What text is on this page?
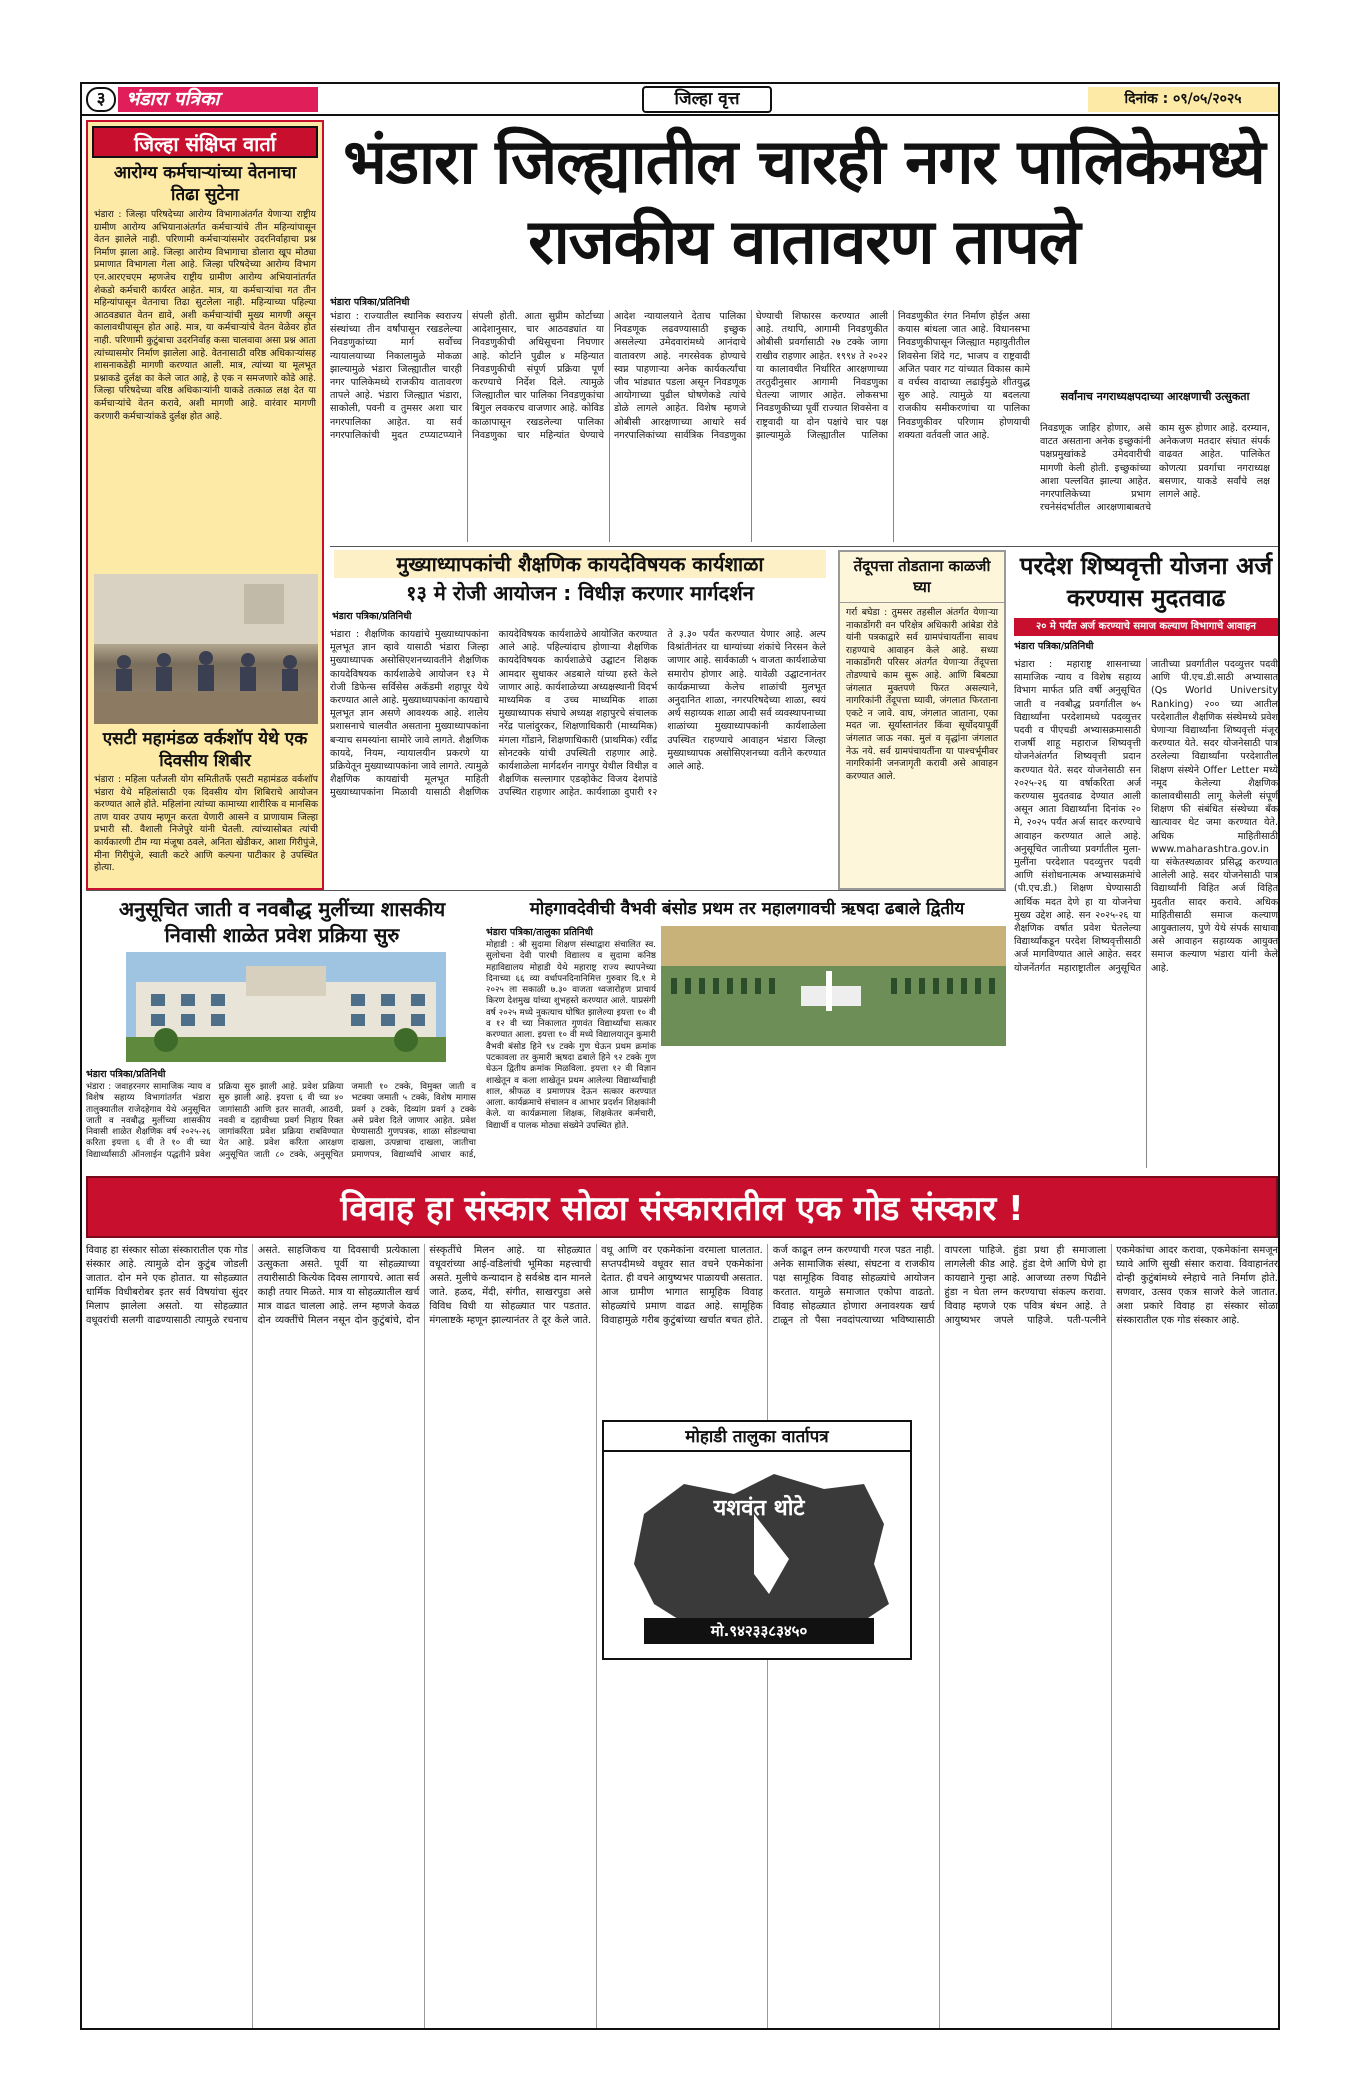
३	भंडारा पत्रिका	जिल्हा वृत्त	दिनांक : ०९/०५/२०२५
जिल्हा संक्षिप्त वार्ता
आरोग्य कर्मचाऱ्यांच्या वेतनाचा तिढा सुटेना
भंडारा : जिल्हा परिषदेच्या आरोग्य विभागाअंतर्गत येणाऱ्या राष्ट्रीय ग्रामीण आरोग्य अभियानाअंतर्गत कर्मचाऱ्यांचे तीन महिन्यांपासून वेतन झालेले नाही. परिणामी कर्मचाऱ्यांसमोर उदरनिर्वाहाचा प्रश्न निर्माण झाला आहे. जिल्हा आरोग्य विभागाचा डोलारा खूप मोठ्या प्रमाणात विभागला गेला आहे. जिल्हा परिषदेच्या आरोग्य विभाग एन.आरएचएम म्हणजेच राष्ट्रीय ग्रामीण आरोग्य अभियानांतर्गत शेकडो कर्मचारी कार्यरत आहेत. मात्र, या कर्मचाऱ्यांचा गत तीन महिन्यांपासून वेतनाचा तिढा सुटलेला नाही. महिन्याच्या पहिल्या आठवड्यात वेतन द्यावे, अशी कर्मचाऱ्यांची मुख्य मागणी असून कालावधीपासून होत आहे. मात्र, या कर्मचाऱ्यांचे वेतन वेळेवर होत नाही. परिणामी कुटुंबाचा उदरनिर्वाह कसा चालवावा असा प्रश्न आता त्यांच्यासमोर निर्माण झालेला आहे. वेतनासाठी वरिष्ठ अधिकाऱ्यांसह शासनाकडेही मागणी करण्यात आली. मात्र, त्यांच्या या मूलभूत प्रश्नाकडे दुर्लक्ष का केले जात आहे, हे एक न समजणारे कोडे आहे. जिल्हा परिषदेच्या वरिष्ठ अधिकाऱ्यांनी याकडे तत्काळ लक्ष देत या कर्मचाऱ्यांचे वेतन करावे, अशी मागणी आहे. वारंवार मागणी करणारी कर्मचाऱ्यांकडे दुर्लक्ष होत आहे.
एसटी महामंडळ वर्कशॉप येथे एक दिवसीय शिबीर
भंडारा : महिला पर्तंजली योग समितीतर्फे एसटी महामंडळ वर्कशॉप भंडारा येथे महिलांसाठी एक दिवसीय योग शिबिराचे आयोजन करण्यात आले होते. महिलांना त्यांच्या कामाच्या शारीरिक व मानसिक ताण यावर उपाय म्हणून करता येणारी आसने व प्राणायाम जिल्हा प्रभारी सौ. वैशाली निजेपुरे यांनी घेतली. त्यांच्यासोबत त्यांची कार्यकारणी टीम ग्या मंजूषा ठवले, अनिता खेडीकर, आशा गिरीपुंजे, मीना गिरीपुंजे, स्वाती कटरे आणि कल्पना पाटीकार हे उपस्थित होत्या.
भंडारा जिल्ह्यातील चारही नगर पालिकेमध्ये राजकीय वातावरण तापले
भंडारा पत्रिका/प्रतिनिधी
भंडारा : राज्यातील स्थानिक स्वराज्य संस्थांच्या तीन वर्षांपासून रखडलेल्या निवडणुकांच्या मार्ग सर्वोच्च न्यायालयाच्या निकालामुळे मोकळा झाल्यामुळे भंडारा जिल्ह्यातील चारही नगर पालिकेमध्ये राजकीय वातावरण तापले आहे. भंडारा जिल्ह्यात भंडारा, साकोली, पवनी व तुमसर अशा चार नगरपालिका आहेत. या सर्व नगरपालिकांची मुदत टप्प्याटप्प्याने संपली होती. आता सुप्रीम कोर्टाच्या आदेशानुसार, चार आठवड्यांत या निवडणुकीची अधिसूचना निघणार आहे. कोर्टाने पुढील ४ महिन्यात निवडणुकीची संपूर्ण प्रक्रिया पूर्ण करण्याचे निर्देश दिले. त्यामुळे जिल्ह्यातील चार पालिका निवडणुकांचा बिगुल लवकरच वाजणार आहे. कोविड काळापासून रखडलेल्या पालिका निवडणुका चार महिन्यांत घेण्याचे आदेश न्यायालयाने देताच पालिका निवडणूक लढवण्यासाठी इच्छुक असलेल्या उमेदवारांमध्ये आनंदाचे वातावरण आहे. नगरसेवक होण्याचे स्वप्न पाहणाऱ्या अनेक कार्यकर्त्यांचा जीव भांड्यात पडला असून निवडणूक आयोगाच्या पुढील घोषणेकडे त्यांचे डोळे लागले आहेत. विशेष म्हणजे ओबीसी आरक्षणाच्या आधारे सर्व नगरपालिकांच्या सार्वत्रिक निवडणुका घेण्याची शिफारस करण्यात आली आहे. तथापि, आगामी निवडणुकीत ओबीसी प्रवर्गासाठी २७ टक्के जागा राखीव राहणार आहेत. १९९४ ते २०२२ या कालावधीत निर्धारित आरक्षणाच्या तरतुदीनुसार आगामी निवडणुका घेतल्या जाणार आहेत. लोकसभा निवडणुकीच्या पूर्वी राज्यात शिवसेना व राष्ट्रवादी या दोन पक्षांचे चार पक्ष झाल्यामुळे जिल्ह्यातील पालिका निवडणुकीत रंगत निर्माण होईल असा कयास बांधला जात आहे. विधानसभा निवडणुकीपासून जिल्ह्यात महायुतीतील शिवसेना शिंदे गट, भाजप व राष्ट्रवादी अजित पवार गट यांच्यात विकास कामे व वर्चस्व वादाच्या लढाईमुळे शीतयुद्ध सुरु आहे. त्यामुळे या बदलत्या राजकीय समीकरणांचा या पालिका निवडणुकीवर परिणाम होणयाची शक्यता वर्तवली जात आहे.
सर्वांनाच नगराध्यक्षपदाच्या आरक्षणाची उत्सुकता
निवडणूक जाहिर होणार, असे वाटत असताना अनेक इच्छुकांनी पक्षप्रमुखांकडे उमेदवारीची मागणी केली होती. इच्छुकांच्या आशा पल्लवित झाल्या आहेत. नगरपालिकेच्या प्रभाग रचनेसंदर्भातील आरक्षणाबाबतचे काम सुरू होणार आहे. दरम्यान, अनेकजण मतदार संघात संपर्क वाढवत आहेत. पालिकेत कोणत्या प्रवर्गाचा नगराध्यक्ष बसणार, याकडे सर्वांचे लक्ष लागले आहे.
मुख्याध्यापकांची शैक्षणिक कायदेविषयक कार्यशाळा
१३ मे रोजी आयोजन : विधीज्ञ करणार मार्गदर्शन
भंडारा पत्रिका/प्रतिनिधी
भंडारा : शैक्षणिक कायद्यांचे मुख्याध्यापकांना मूलभूत ज्ञान व्हावे यासाठी भंडारा जिल्हा मुख्याध्यापक असोसिएशनच्यावतीने शैक्षणिक कायदेविषयक कार्यशाळेचे आयोजन १३ मे रोजी डिफेन्स सर्विसेस अकॅडमी शहापूर येथे करण्यात आले आहे. मुख्याध्यापकांना कायद्याचे मूलभूत ज्ञान असणे आवश्यक आहे. शालेय प्रशासनाचे चालवीत असताना मुख्याध्यापकांना बऱ्याच समस्यांना सामोरे जावे लागते. शैक्षणिक कायदे, नियम, न्यायालयीन प्रकरणे या प्रक्रियेतून मुख्याध्यापकांना जावे लागते. त्यामुळे शैक्षणिक कायद्यांची मूलभूत माहिती मुख्याध्यापकांना मिळावी यासाठी शैक्षणिक कायदेविषयक कार्यशाळेचे आयोजित करण्यात आले आहे. पहिल्यांदाच होणाऱ्या शैक्षणिक कायदेविषयक कार्यशाळेचे उद्घाटन शिक्षक आमदार सुधाकर अडबाले यांच्या हस्ते केले जाणार आहे. कार्यशाळेच्या अध्यक्षस्थानी विदर्भ माध्यमिक व उच्च माध्यमिक शाळा मुख्याध्यापक संघाचे अध्यक्ष शहापुरचे संचालक नरेंद्र पालांदुरकर, शिक्षणाधिकारी (माध्यमिक) मंगला गोंडाने, शिक्षणाधिकारी (प्राथमिक) रवींद्र सोनटक्के यांची उपस्थिती राहणार आहे. कार्यशाळेला मार्गदर्शन नागपुर येथील विधीज्ञ व शैक्षणिक सल्लागार एडव्होकेट विजय देशपांडे उपस्थित राहणार आहेत. कार्यशाळा दुपारी १२ ते ३.३० पर्यंत करण्यात येणार आहे. अल्प विश्रांतीनंतर या धाग्यांच्या शंकांचे निरसन केले जाणार आहे. सार्वकाळी ५ वाजता कार्यशाळेचा समारोप होणार आहे. यावेळी उद्घाटनानंतर कार्यक्रमाच्या केलेच शाळांची मुलभूत अनुदानित शाळा, नगरपरिषदेच्या शाळा, स्वयं अर्थ सहाय्यक शाळा आदी सर्व व्यवस्थापनाच्या शाळांच्या मुख्याध्यापकांनी कार्यशाळेला उपस्थित राहण्याचे आवाहन भंडारा जिल्हा मुख्याध्यापक असोसिएशनच्या वतीने करण्यात आले आहे.
तेंदूपत्ता तोडताना काळजी घ्या
गर्रा बघेडा : तुमसर तहसील अंतर्गत येणाऱ्या नाकाडोंगरी वन परिक्षेत्र अधिकारी आंबेडा रोडे यांनी पत्रकाद्वारे सर्व ग्रामपंचायतींना सावध राहण्याचे आवाहन केले आहे. सध्या नाकाडोंगरी परिसर अंतर्गत येणाऱ्या तेंदूपत्ता तोडण्याचे काम सुरू आहे. आणि बिबट्या जंगलात मुक्तपणे फिरत असल्याने, नागरिकांनी तेंदूपत्ता घ्यावी, जंगलात फिरताना एकटे न जावे. वाघ, जंगलात जाताना, एका मदत जा. सूर्यास्तानंतर किंवा सूर्योदयापूर्वी जंगलात जाऊ नका. मुलं व वृद्धांना जंगलात नेऊ नये. सर्व ग्रामपंचायतींना या पाश्चर्भूमीवर नागरिकांनी जनजागृती करावी असे आवाहन करण्यात आले.
परदेश शिष्यवृत्ती योजना अर्ज करण्यास मुदतवाढ
२० मे पर्यंत अर्ज करण्याचे समाज कल्याण विभागाचे आवाहन
भंडारा पत्रिका/प्रतिनिधी
भंडारा : महाराष्ट्र शासनाच्या सामाजिक न्याय व विशेष सहाय्य विभाग मार्फत प्रति वर्षी अनुसूचित जाती व नवबौद्ध प्रवर्गातील ७५ विद्यार्थ्यांना परदेशामध्ये पदव्युत्तर पदवी व पीएचडी अभ्यासक्रमासाठी राजर्षी शाहू महाराज शिष्यवृत्ती योजनेअंतर्गत शिष्यवृत्ती प्रदान करण्यात येते. सदर योजनेसाठी सन २०२५-२६ या वर्षाकरिता अर्ज करण्यास मुदतवाढ देण्यात आली असून आता विद्यार्थ्यांना दिनांक २० मे, २०२५ पर्यंत अर्ज सादर करण्याचे आवाहन करण्यात आले आहे. अनुसूचित जातीच्या प्रवर्गातील मुला-मुलींना परदेशात पदव्युत्तर पदवी आणि संशोधनात्मक अभ्यासक्रमांचे (पी.एच.डी.) शिक्षण घेण्यासाठी आर्थिक मदत देणे हा या योजनेचा मुख्य उद्देश आहे. सन २०२५-२६ या शैक्षणिक वर्षात प्रवेश घेतलेल्या विद्यार्थ्यांकडून परदेश शिष्यवृत्तीसाठी अर्ज मागविण्यात आले आहेत. सदर योजनेंतर्गत महाराष्ट्रातील अनुसूचित जातीच्या प्रवर्गातील पदव्युत्तर पदवी आणि पी.एच.डी.साठी अभ्यासात (Qs World University Ranking) २०० च्या आतील परदेशातील शैक्षणिक संस्थेमध्ये प्रवेश घेणाऱ्या विद्यार्थ्यांना शिष्यवृत्ती मंजूर करण्यात येते. सदर योजनेसाठी पात्र ठरलेल्या विद्यार्थ्यांना परदेशातील शिक्षण संस्थेने Offer Letter मध्ये नमूद केलेल्या शैक्षणिक कालावधीसाठी लागू केलेली संपूर्ण शिक्षण फी संबंधित संस्थेच्या बँक खात्यावर थेट जमा करण्यात येते. अधिक माहितीसाठी www.maharashtra.gov.in या संकेतस्थळावर प्रसिद्ध करण्यात आलेली आहे. सदर योजनेसाठी पात्र विद्यार्थ्यांनी विहित अर्ज विहित मुदतीत सादर करावे. अधिक माहितीसाठी समाज कल्याण आयुक्तालय, पुणे येथे संपर्क साधावा असे आवाहन सहाय्यक आयुक्त समाज कल्याण भंडारा यांनी केले आहे.
अनुसूचित जाती व नवबौद्ध मुलींच्या शासकीय निवासी शाळेत प्रवेश प्रक्रिया सुरु
भंडारा पत्रिका/प्रतिनिधी
भंडारा : जवाहरनगर सामाजिक न्याय व विशेष सहाय्य विभागांतर्गत भंडारा तालुक्यातील राजेदहेगाव येथे अनुसूचित जाती व नवबौद्ध मुलींच्या शासकीय निवासी शाळेत शैक्षणिक वर्ष २०२५-२६ करिता इयत्ता ६ वी ते १० वी च्या विद्यार्थ्यांसाठी ऑनलाईन पद्धतीने प्रवेश प्रक्रिया सुरु झाली आहे. प्रवेश प्रक्रिया सुरु झाली आहे. इयत्ता ६ वी च्या ४० जागांसाठी आणि इतर सातवी, आठवी, नववी व दहावीच्या प्रवर्ग निहाय रिक्त जागांकरिता प्रवेश प्रक्रिया राबविण्यात येत आहे. प्रवेश करिता आरक्षण अनुसूचित जाती ८० टक्के, अनुसूचित जमाती १० टक्के, विमुक्त जाती व भटक्या जमाती ५ टक्के, विशेष मागास प्रवर्ग ३ टक्के, दिव्यांग प्रवर्ग ३ टक्के असे प्रवेश दिले जाणार आहेत. प्रवेश घेण्यासाठी गुणपत्रक, शाळा सोडल्याचा दाखला, उत्पन्नाचा दाखला, जातीचा प्रमाणपत्र, विद्यार्थ्यांचे आधार कार्ड,
मोहगावदेवीची वैभवी बंसोड प्रथम तर महालगावची ऋषदा ढबाले द्वितीय
भंडारा पत्रिका/तालुका प्रतिनिधी
मोहाडी : श्री सुदामा शिक्षण संस्थाद्वारा संचालित स्व. सुलोचना देवी पारधी विद्यालय व सुदामा कनिष्ठ महाविद्यालय मोहाडी येथे महाराष्ट्र राज्य स्थापनेच्या दिनाच्या ६६ व्या वर्धापनदिनानिमित्त गुरुवार दि.१ मे २०२५ ला सकाळी ७.३० वाजता ध्वजारोहण प्राचार्य किरण देशमुख यांच्या शुभहस्ते करण्यात आले. याप्रसंगी वर्ष २०२५ मध्ये नुकत्याच घोषित झालेल्या इयत्ता १० वी व १२ वी च्या निकालात गुणवंत विद्यार्थ्यांचा सत्कार करण्यात आला. इयत्ता १० वी मध्ये विद्यालयातून कुमारी वैभवी बंसोड हिने ९४ टक्के गुण घेऊन प्रथम क्रमांक पटकावला तर कुमारी ऋषदा ढबाले हिने ९२ टक्के गुण घेऊन द्वितीय क्रमांक मिळविला. इयत्ता १२ वी विज्ञान शाखेतून व कला शाखेतून प्रथम आलेल्या विद्यार्थ्यांचाही शाल, श्रीफळ व प्रमाणपत्र देऊन सत्कार करण्यात आला. कार्यक्रमाचे संचालन व आभार प्रदर्शन शिक्षकांनी केले. या कार्यक्रमाला शिक्षक, शिक्षकेतर कर्मचारी, विद्यार्थी व पालक मोठ्या संख्येने उपस्थित होते.
विवाह हा संस्कार सोळा संस्कारातील एक गोड संस्कार !
विवाह हा संस्कार सोळा संस्कारातील एक गोड संस्कार आहे. त्यामुळे दोन कुटुंब जोडली जातात. दोन मने एक होतात. या सोहळ्यात धार्मिक विधीबरोबर इतर सर्व विषयांचा सुंदर मिलाप झालेला असतो. या सोहळ्यात वधूवरांची सलगी वाढण्यासाठी त्यामुळे रचनाच असते. साहजिकच या दिवसाची प्रत्येकाला उत्सुकता असते. पूर्वी या सोहळ्याच्या तयारीसाठी कित्येक दिवस लागायचे. आता सर्व काही तयार मिळते. मात्र या सोहळ्यातील खर्च मात्र वाढत चालला आहे. लग्न म्हणजे केवळ दोन व्यक्तींचे मिलन नसून दोन कुटुंबांचे, दोन संस्कृतींचे मिलन आहे. या सोहळ्यात वधूवरांच्या आई-वडिलांची भूमिका महत्त्वाची असते. मुलीचे कन्यादान हे सर्वश्रेष्ठ दान मानले जाते. हळद, मेंदी, संगीत, साखरपुडा असे विविध विधी या सोहळ्यात पार पडतात. मंगलाष्टके म्हणून झाल्यानंतर ते दूर केले जाते. वधू आणि वर एकमेकांना वरमाला घालतात. सप्तपदीमध्ये वधूवर सात वचने एकमेकांना देतात. ही वचने आयुष्यभर पाळायची असतात. आज ग्रामीण भागात सामूहिक विवाह सोहळ्यांचे प्रमाण वाढत आहे. सामूहिक विवाहामुळे गरीब कुटुंबांच्या खर्चात बचत होते. कर्ज काढून लग्न करण्याची गरज पडत नाही. अनेक सामाजिक संस्था, संघटना व राजकीय पक्ष सामूहिक विवाह सोहळ्यांचे आयोजन करतात. यामुळे समाजात एकोपा वाढतो. विवाह सोहळ्यात होणारा अनावश्यक खर्च टाळून तो पैसा नवदांपत्याच्या भविष्यासाठी वापरला पाहिजे. हुंडा प्रथा ही समाजाला लागलेली कीड आहे. हुंडा देणे आणि घेणे हा कायद्याने गुन्हा आहे. आजच्या तरुण पिढीने हुंडा न घेता लग्न करण्याचा संकल्प करावा. विवाह म्हणजे एक पवित्र बंधन आहे. ते आयुष्यभर जपले पाहिजे. पती-पत्नीने एकमेकांचा आदर करावा, एकमेकांना समजून घ्यावे आणि सुखी संसार करावा. विवाहानंतर दोन्ही कुटुंबांमध्ये स्नेहाचे नाते निर्माण होते. सणवार, उत्सव एकत्र साजरे केले जातात. अशा प्रकारे विवाह हा संस्कार सोळा संस्कारातील एक गोड संस्कार आहे.
मोहाडी तालुका वार्तापत्र
यशवंत थोटे
मो.९४२३३८३४५०
